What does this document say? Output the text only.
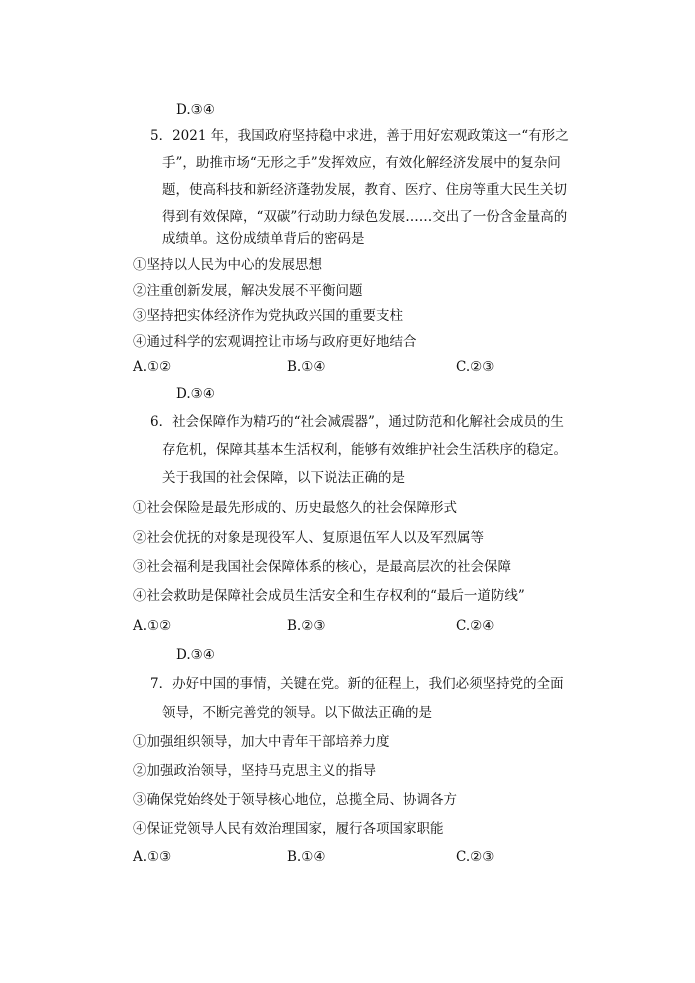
D.③④
5．2021 年，我国政府坚持稳中求进，善于用好宏观政策这一“有形之
手”，助推市场“无形之手”发挥效应，有效化解经济发展中的复杂问
题，使高科技和新经济蓬勃发展，教育、医疗、住房等重大民生关切
得到有效保障，“双碳”行动助力绿色发展……交出了一份含金量高的
成绩单。这份成绩单背后的密码是
①坚持以人民为中心的发展思想
②注重创新发展，解决发展不平衡问题
③坚持把实体经济作为党执政兴国的重要支柱
④通过科学的宏观调控让市场与政府更好地结合
A.①②	B.①④	C.②③
D.③④
6．社会保障作为精巧的“社会减震器”，通过防范和化解社会成员的生
存危机，保障其基本生活权利，能够有效维护社会生活秩序的稳定。
关于我国的社会保障，以下说法正确的是
①社会保险是最先形成的、历史最悠久的社会保障形式
②社会优抚的对象是现役军人、复原退伍军人以及军烈属等
③社会福利是我国社会保障体系的核心，是最高层次的社会保障
④社会救助是保障社会成员生活安全和生存权利的“最后一道防线”
A.①②	B.②③	C.②④
D.③④
7．办好中国的事情，关键在党。新的征程上，我们必须坚持党的全面
领导，不断完善党的领导。以下做法正确的是
①加强组织领导，加大中青年干部培养力度
②加强政治领导，坚持马克思主义的指导
③确保党始终处于领导核心地位，总揽全局、协调各方
④保证党领导人民有效治理国家，履行各项国家职能
A.①③	B.①④	C.②③
